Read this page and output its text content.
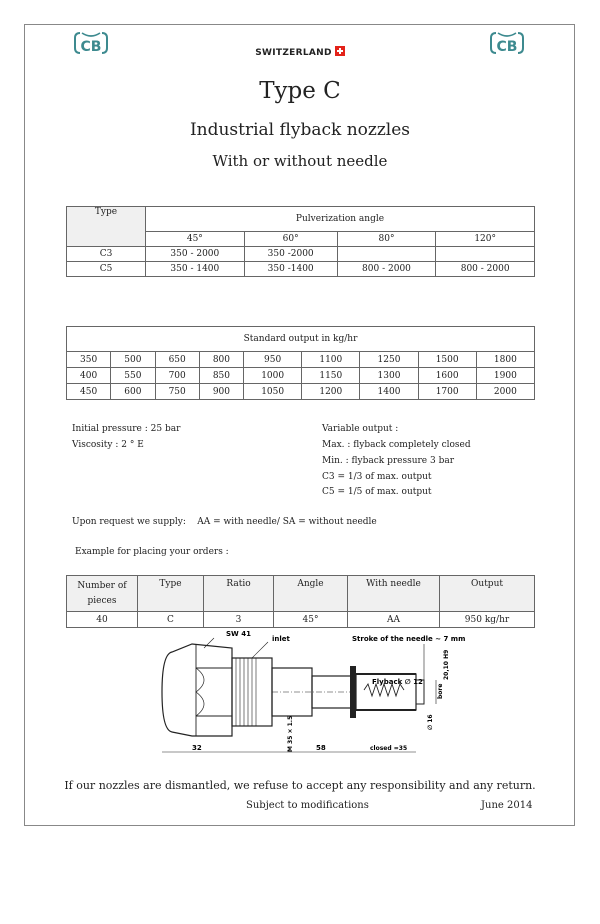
CB	CB
SWITZERLAND
Type C
Industrial flyback nozzles
With or without needle
Type	Pulverization angle			
	45°	60°	80°	120°
C3	350 - 2000	350 -2000		
C5	350 - 1400	350 -1400	800 - 2000	800 - 2000
Standard output in kg/hr								
350	500	650	800	950	1100	1250	1500	1800
400	550	700	850	1000	1150	1300	1600	1900
450	600	750	900	1050	1200	1400	1700	2000
Initial pressure : 25 bar
Viscosity : 2 ° E
Variable output :
Max. : flyback completely closed
Min. : flyback pressure 3 bar
C3 = 1/3 of max. output
C5 = 1/5 of max. output
Upon request we supply:    AA = with needle/ SA = without needle
Example for placing your orders :
Number of pieces	Type	Ratio	Angle	With needle	Output
40	C	3	45°	AA	950 kg/hr
SW 41
inlet	Stroke of the needle ~ 7 mm
Flyback ∅ 12
bore
20,10 H9
∅ 16
M 35 × 1.5
32	58	closed =35
If our nozzles are dismantled, we refuse to accept any responsibility and any return.
Subject to modifications	June 2014
